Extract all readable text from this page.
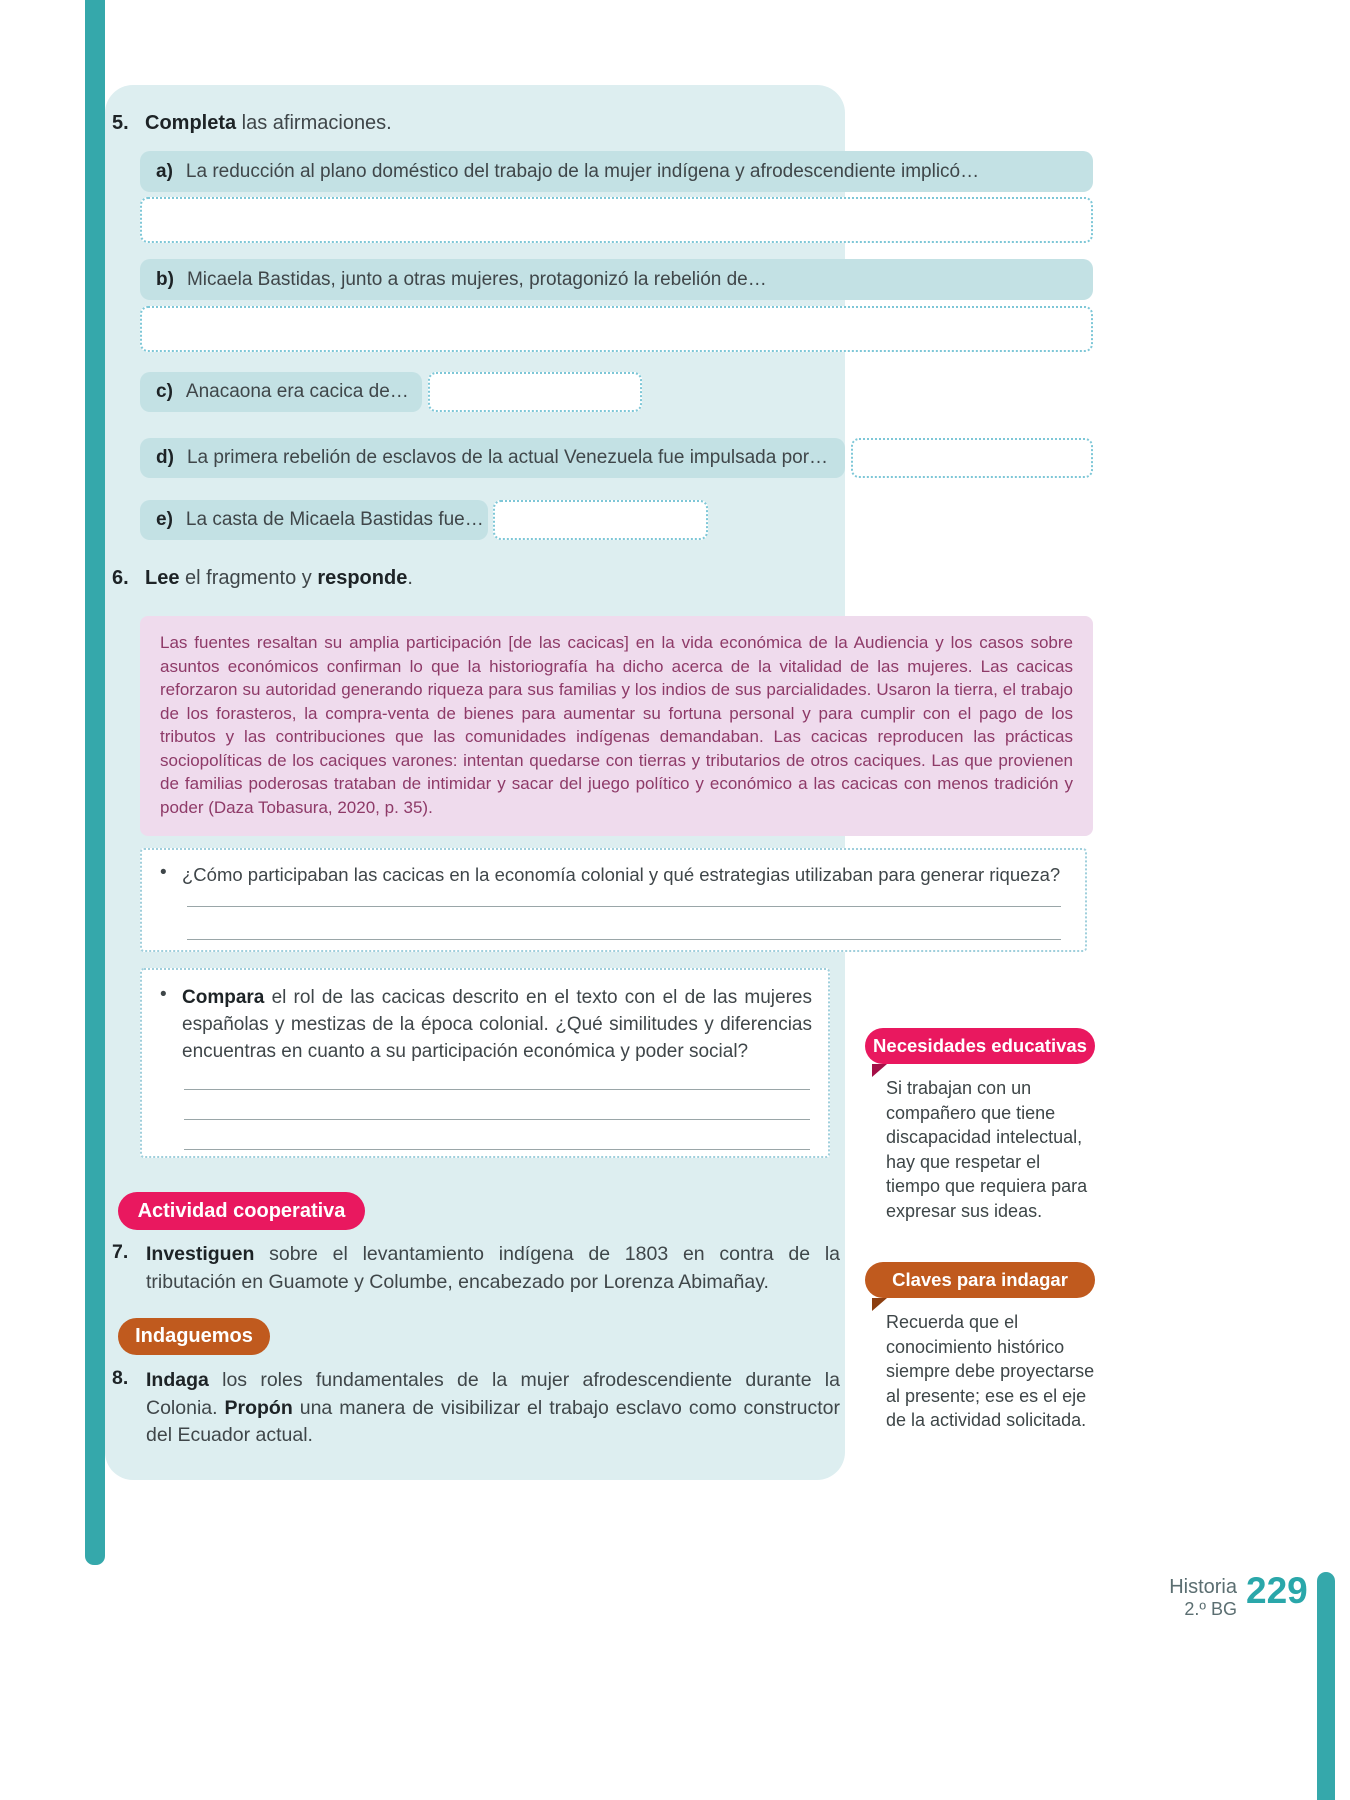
5. Completa las afirmaciones.
a) La reducción al plano doméstico del trabajo de la mujer indígena y afrodescendiente implicó…
b) Micaela Bastidas, junto a otras mujeres, protagonizó la rebelión de…
c) Anacaona era cacica de…
d) La primera rebelión de esclavos de la actual Venezuela fue impulsada por…
e) La casta de Micaela Bastidas fue…
6. Lee el fragmento y responde.
Las fuentes resaltan su amplia participación [de las cacicas] en la vida económica de la Audiencia y los casos sobre asuntos económicos confirman lo que la historiografía ha dicho acerca de la vitalidad de las mujeres. Las cacicas reforzaron su autoridad generando riqueza para sus familias y los indios de sus parcialidades. Usaron la tierra, el trabajo de los forasteros, la compra-venta de bienes para aumentar su fortuna personal y para cumplir con el pago de los tributos y las contribuciones que las comunidades indígenas demandaban. Las cacicas reproducen las prácticas sociopolíticas de los caciques varones: intentan quedarse con tierras y tributarios de otros caciques. Las que provienen de familias poderosas trataban de intimidar y sacar del juego político y económico a las cacicas con menos tradición y poder (Daza Tobasura, 2020, p. 35).
• ¿Cómo participaban las cacicas en la economía colonial y qué estrategias utilizaban para generar riqueza?
• Compara el rol de las cacicas descrito en el texto con el de las mujeres españolas y mestizas de la época colonial. ¿Qué similitudes y diferencias encuentras en cuanto a su participación económica y poder social?	Necesidades educativas
Si trabajan con un compañero que tiene discapacidad intelectual, hay que respetar el tiempo que requiera para expresar sus ideas.
Actividad cooperativa
7. Investiguen sobre el levantamiento indígena de 1803 en contra de la tributación en Guamote y Columbe, encabezado por Lorenza Abimañay.	Claves para indagar
Recuerda que el conocimiento histórico siempre debe proyectarse al presente; ese es el eje de la actividad solicitada.
Indaguemos
8. Indaga los roles fundamentales de la mujer afrodescendiente durante la Colonia. Propón una manera de visibilizar el trabajo esclavo como constructor del Ecuador actual.
Historia
2.º BG 229
